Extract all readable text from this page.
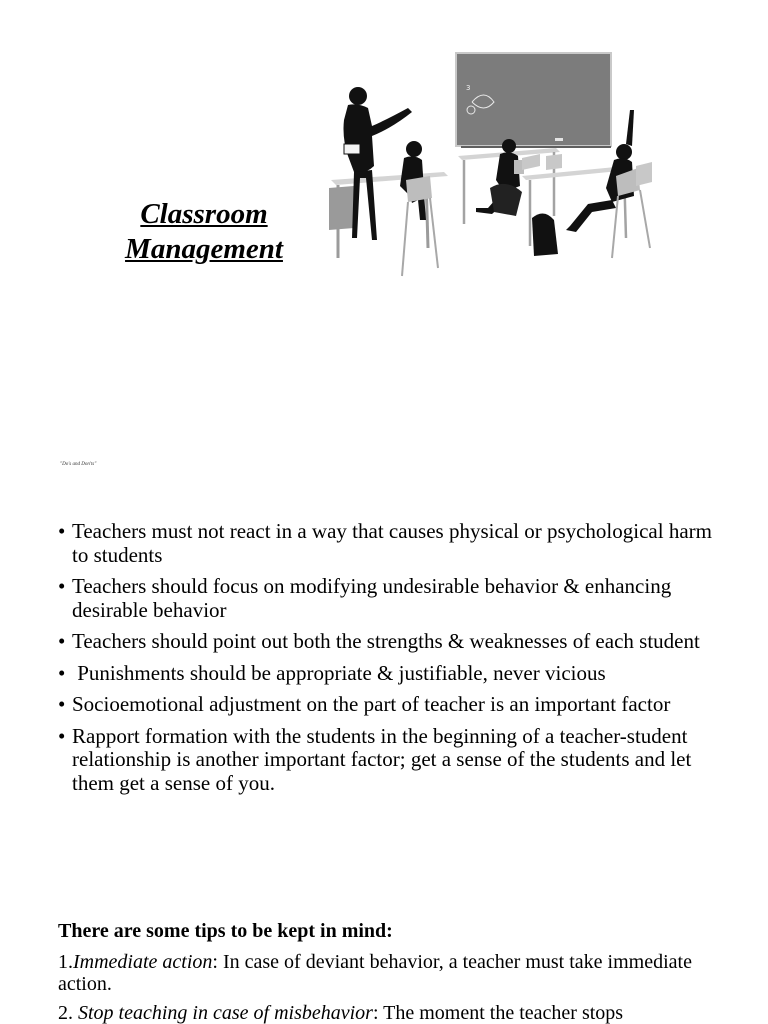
Classroom
Management
3
"Do's and Don'ts"
• Teachers must not react in a way that causes physical or psychological harm to students
• Teachers should focus on modifying undesirable behavior & enhancing desirable behavior
• Teachers should point out both the strengths & weaknesses of each student
•  Punishments should be appropriate & justifiable, never vicious
• Socioemotional adjustment on the part of teacher is an important factor
• Rapport formation with the students in the beginning of a teacher-student relationship is another important factor; get a sense of the students and let them get a sense of you.
There are some tips to be kept in mind:
1.Immediate action: In case of deviant behavior, a teacher must take immediate action.
2. Stop teaching in case of misbehavior: The moment the teacher stops
